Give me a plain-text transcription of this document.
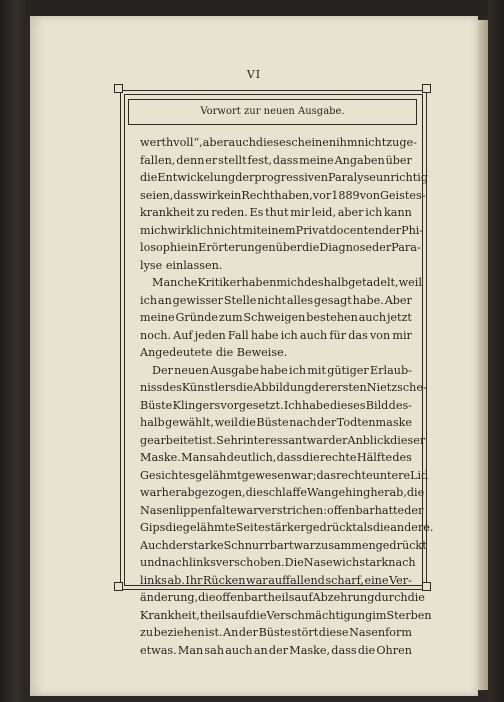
VI
Vorwort zur neuen Ausgabe.
werthvoll“, aber auch diese scheinen ihm nicht zu ge-
fallen, denn er stellt fest, dass meine Angaben über
die Entwickelung der progressiven Paralyse unrichtig
seien, dass wir kein Recht haben, vor 1889 von Geistes-
krankheit zu reden. Es thut mir leid, aber ich kann
mich wirklich nicht mit einem Privatdocenten der Phi-
losophie in Erörterungen über die Diagnose der Para-
lyse einlassen.
Manche Kritiker haben mich deshalb getadelt, weil
ich an gewisser Stelle nicht alles gesagt habe. Aber
meine Gründe zum Schweigen bestehen auch jetzt
noch. Auf jeden Fall habe ich auch für das von mir
Angedeutete die Beweise.
Der neuen Ausgabe habe ich mit gütiger Erlaub-
niss des Künstlers die Abbildung der ersten Nietzsche-
Büste Klingers vorgesetzt. Ich habe dieses Bild des-
halb gewählt, weil die Büste nach der Todtenmaske
gearbeitet ist. Sehr interessant war der Anblick dieser
Maske. Man sah deutlich, dass die rechte Hälfte des
Gesichtes gelähmt gewesen war; das rechte untere Lid
war herabgezogen, die schlaffe Wange hing herab, die
Nasenlippenfalte war verstrichen: offenbar hatte der
Gips die gelähmte Seite stärker gedrückt als die andere.
Auch der starke Schnurrbart war zusammengedrückt
und nach links verschoben. Die Nase wich stark nach
links ab. Ihr Rücken war auffallend scharf, eine Ver-
änderung, die offenbar theils auf Abzehrung durch die
Krankheit, theils auf die Verschmächtigung im Sterben
zu beziehen ist. An der Büste stört diese Nasenform
etwas. Man sah auch an der Maske, dass die Ohren
